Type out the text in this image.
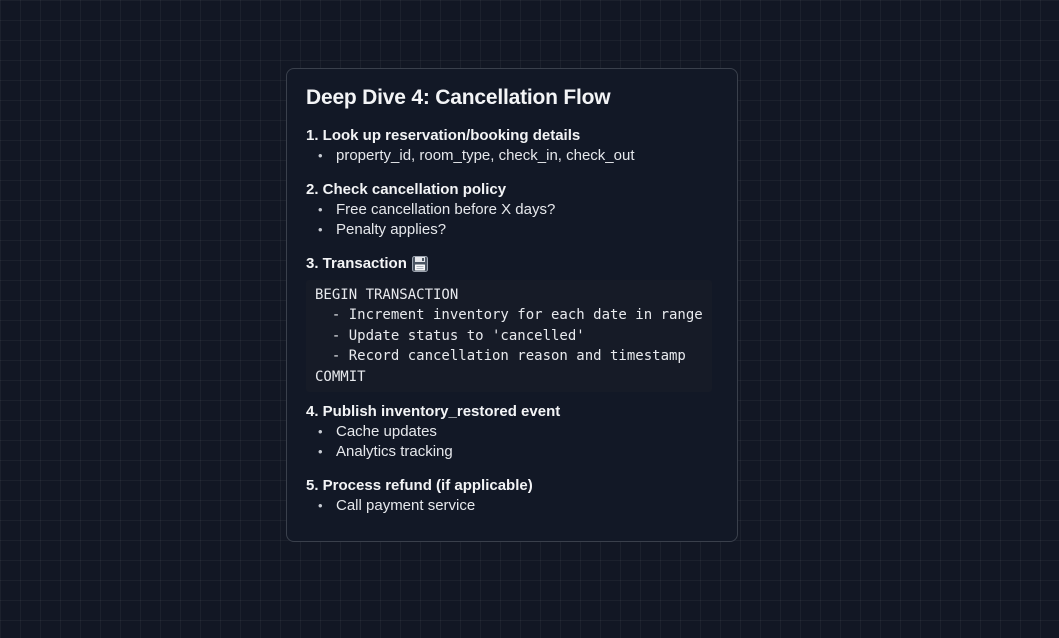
Deep Dive 4: Cancellation Flow
1. Look up reservation/booking details
• property_id, room_type, check_in, check_out
2. Check cancellation policy
• Free cancellation before X days?
• Penalty applies?
3. Transaction
BEGIN TRANSACTION
- Increment inventory for each date in range
- Update status to 'cancelled'
- Record cancellation reason and timestamp
COMMIT
4. Publish inventory_restored event
• Cache updates
• Analytics tracking
5. Process refund (if applicable)
• Call payment service
